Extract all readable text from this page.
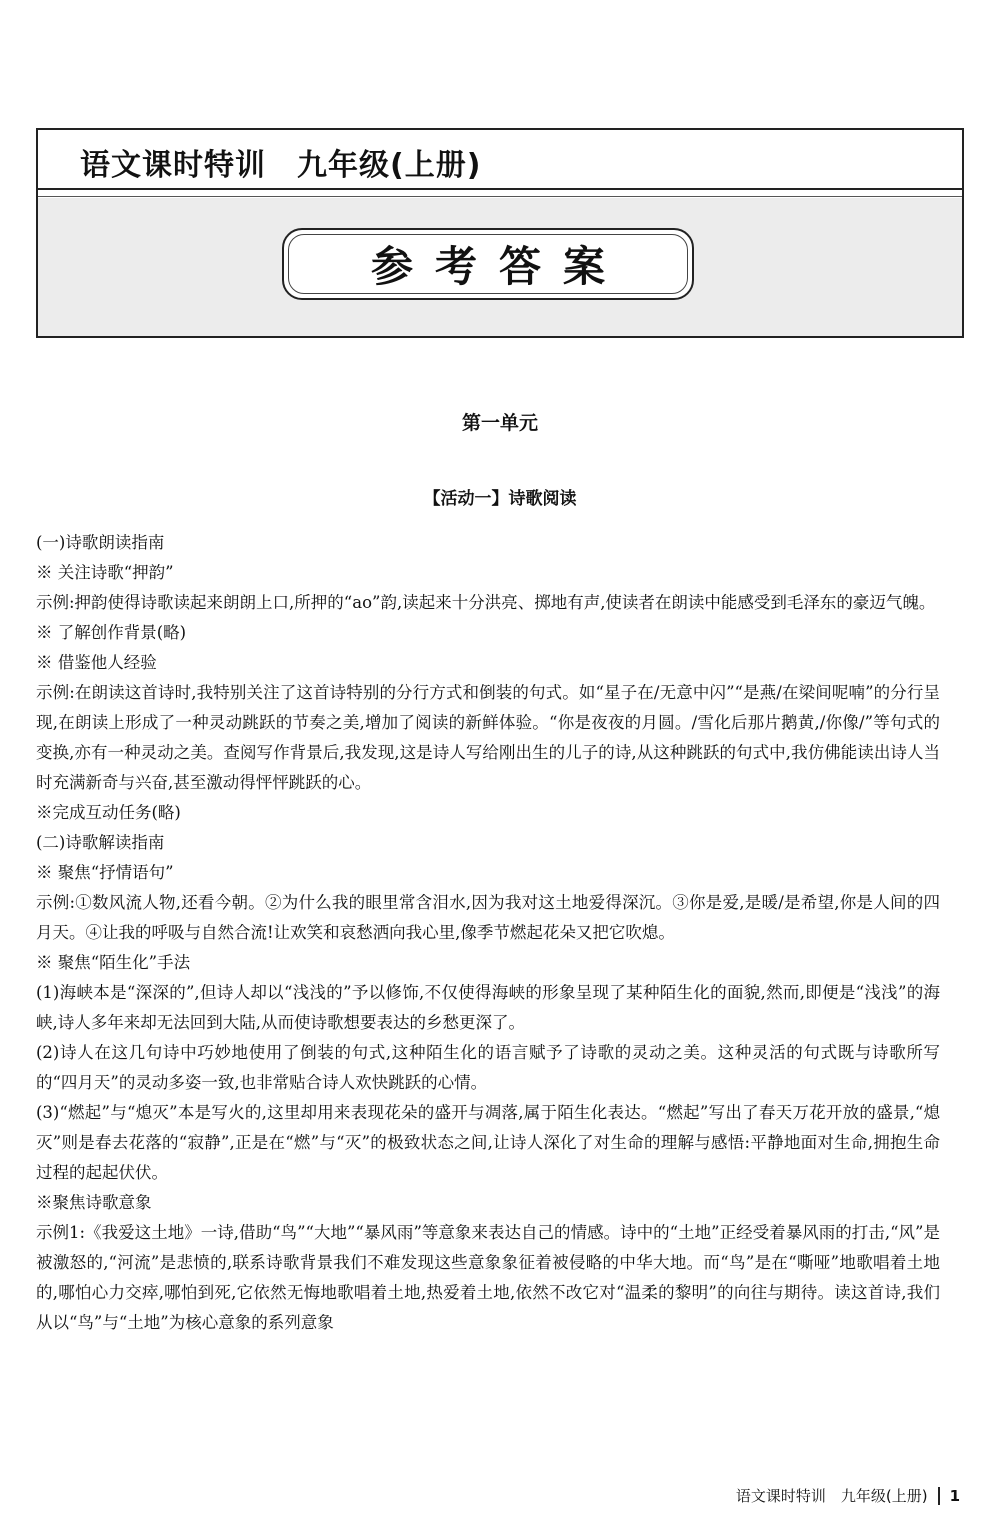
语文课时特训　九年级(上册)
参考答案
第一单元
【活动一】诗歌阅读

(一)诗歌朗读指南

※ 关注诗歌“押韵”

示例:押韵使得诗歌读起来朗朗上口,所押的“ao”韵,读起来十分洪亮、掷地有声,使读者在朗读中能感受到毛泽东的豪迈气魄。

※ 了解创作背景(略)

※ 借鉴他人经验

示例:在朗读这首诗时,我特别关注了这首诗特别的分行方式和倒装的句式。如“星子在/无意中闪”“是燕/在梁间呢喃”的分行呈现,在朗读上形成了一种灵动跳跃的节奏之美,增加了阅读的新鲜体验。“你是夜夜的月圆。/雪化后那片鹅黄,/你像/”等句式的变换,亦有一种灵动之美。查阅写作背景后,我发现,这是诗人写给刚出生的儿子的诗,从这种跳跃的句式中,我仿佛能读出诗人当时充满新奇与兴奋,甚至激动得怦怦跳跃的心。

※完成互动任务(略)

(二)诗歌解读指南

※ 聚焦“抒情语句”

示例:①数风流人物,还看今朝。②为什么我的眼里常含泪水,因为我对这土地爱得深沉。③你是爱,是暖/是希望,你是人间的四月天。④让我的呼吸与自然合流!让欢笑和哀愁洒向我心里,像季节燃起花朵又把它吹熄。

※ 聚焦“陌生化”手法

(1)海峡本是“深深的”,但诗人却以“浅浅的”予以修饰,不仅使得海峡的形象呈现了某种陌生化的面貌,然而,即便是“浅浅”的海峡,诗人多年来却无法回到大陆,从而使诗歌想要表达的乡愁更深了。

(2)诗人在这几句诗中巧妙地使用了倒装的句式,这种陌生化的语言赋予了诗歌的灵动之美。这种灵活的句式既与诗歌所写的“四月天”的灵动多姿一致,也非常贴合诗人欢快跳跃的心情。

(3)“燃起”与“熄灭”本是写火的,这里却用来表现花朵的盛开与凋落,属于陌生化表达。“燃起”写出了春天万花开放的盛景,“熄灭”则是春去花落的“寂静”,正是在“燃”与“灭”的极致状态之间,让诗人深化了对生命的理解与感悟:平静地面对生命,拥抱生命过程的起起伏伏。

※聚焦诗歌意象

示例1:《我爱这土地》一诗,借助“鸟”“大地”“暴风雨”等意象来表达自己的情感。诗中的“土地”正经受着暴风雨的打击,“风”是被激怒的,“河流”是悲愤的,联系诗歌背景我们不难发现这些意象象征着被侵略的中华大地。而“鸟”是在“嘶哑”地歌唱着土地的,哪怕心力交瘁,哪怕到死,它依然无悔地歌唱着土地,热爱着土地,依然不改它对“温柔的黎明”的向往与期待。读这首诗,我们从以“鸟”与“土地”为核心意象的系列意象

语文课时特训　九年级(上册) 1
